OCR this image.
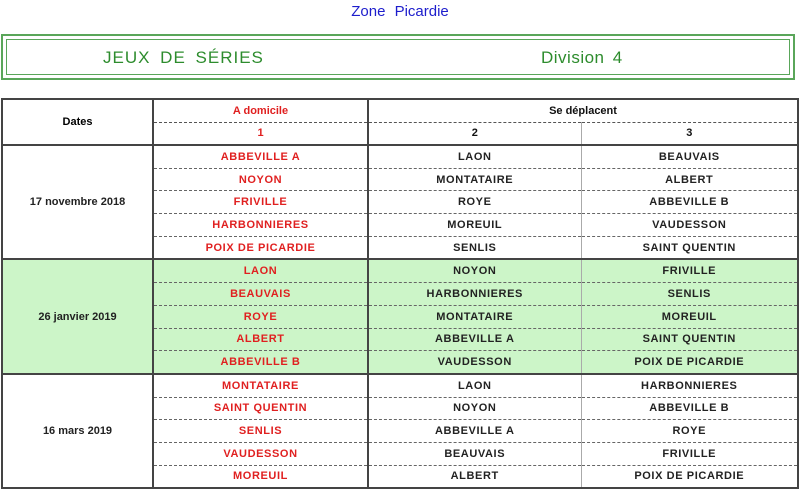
Zone Picardie
JEUX DE SÉRIES	Division 4
Dates	A domicile	Se déplacent	
	1	2	3
17 novembre 2018	ABBEVILLE A	LAON	BEAUVAIS
	NOYON	MONTATAIRE	ALBERT
	FRIVILLE	ROYE	ABBEVILLE B
	HARBONNIERES	MOREUIL	VAUDESSON
	POIX DE PICARDIE	SENLIS	SAINT QUENTIN
26 janvier 2019	LAON	NOYON	FRIVILLE
	BEAUVAIS	HARBONNIERES	SENLIS
	ROYE	MONTATAIRE	MOREUIL
	ALBERT	ABBEVILLE A	SAINT QUENTIN
	ABBEVILLE B	VAUDESSON	POIX DE PICARDIE
16 mars 2019	MONTATAIRE	LAON	HARBONNIERES
	SAINT QUENTIN	NOYON	ABBEVILLE B
	SENLIS	ABBEVILLE A	ROYE
	VAUDESSON	BEAUVAIS	FRIVILLE
	MOREUIL	ALBERT	POIX DE PICARDIE
